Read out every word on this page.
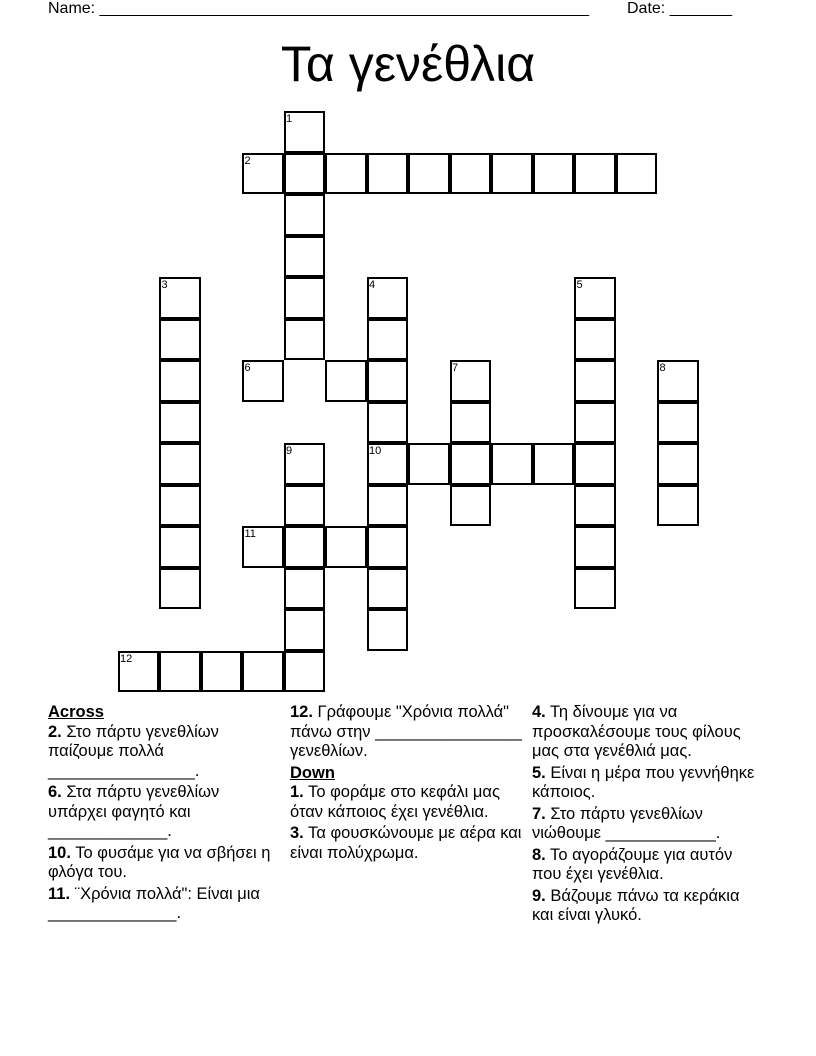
Name: _______________________________________________________ Date: _______
Τα γενέθλια
1
2
3	4	5
6	7	8
9	10
11
12
Across
2. Στο πάρτυ γενεθλίων παίζουμε πολλά ________________.
6. Στα πάρτυ γενεθλίων υπάρχει φαγητό και _____________.
10. Το φυσάμε για να σβήσει η φλόγα του.
11. ¨Χρόνια πολλά": Είναι μια ______________.
12. Γράφουμε "Χρόνια πολλά" πάνω στην ________________ γενεθλίων.
Down
1. Το φοράμε στο κεφάλι μας όταν κάποιος έχει γενέθλια.
3. Τα φουσκώνουμε με αέρα και είναι πολύχρωμα.
4. Τη δίνουμε για να προσκαλέσουμε τους φίλους μας στα γενέθλιά μας.
5. Είναι η μέρα που γεννήθηκε κάποιος.
7. Στο πάρτυ γενεθλίων νιώθουμε ____________.
8. Το αγοράζουμε για αυτόν που έχει γενέθλια.
9. Βάζουμε πάνω τα κεράκια και είναι γλυκό.
